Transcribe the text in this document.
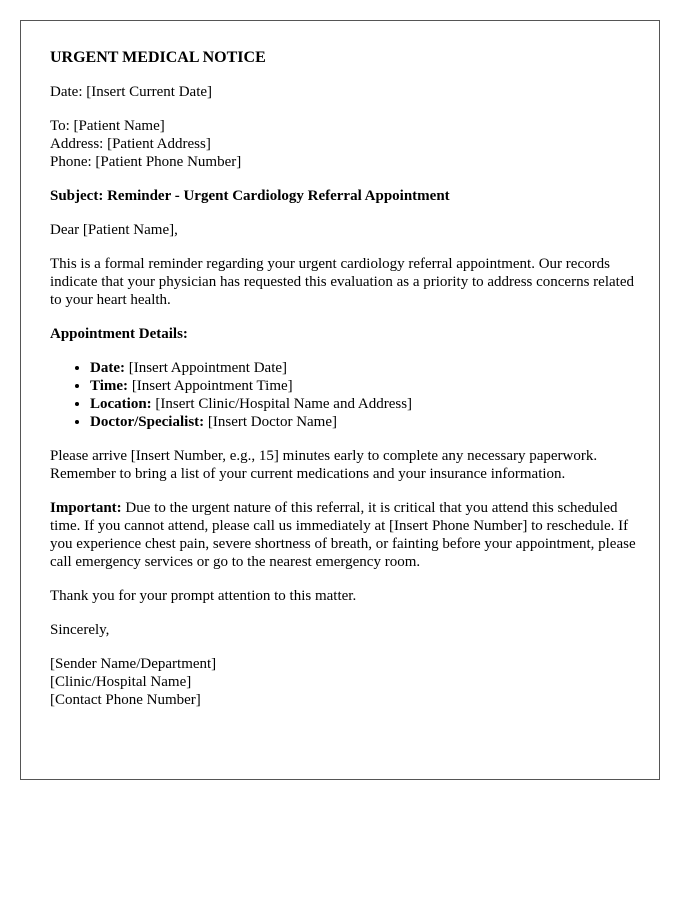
URGENT MEDICAL NOTICE

Date: [Insert Current Date]

To: [Patient Name]
Address: [Patient Address]
Phone: [Patient Phone Number]

Subject: Reminder - Urgent Cardiology Referral Appointment

Dear [Patient Name],

This is a formal reminder regarding your urgent cardiology referral appointment. Our records indicate that your physician has requested this evaluation as a priority to address concerns related to your heart health.

Appointment Details:

• Date: [Insert Appointment Date]
• Time: [Insert Appointment Time]
• Location: [Insert Clinic/Hospital Name and Address]
• Doctor/Specialist: [Insert Doctor Name]

Please arrive [Insert Number, e.g., 15] minutes early to complete any necessary paperwork. Remember to bring a list of your current medications and your insurance information.

Important: Due to the urgent nature of this referral, it is critical that you attend this scheduled time. If you cannot attend, please call us immediately at [Insert Phone Number] to reschedule. If you experience chest pain, severe shortness of breath, or fainting before your appointment, please call emergency services or go to the nearest emergency room.

Thank you for your prompt attention to this matter.

Sincerely,

[Sender Name/Department]
[Clinic/Hospital Name]
[Contact Phone Number]
